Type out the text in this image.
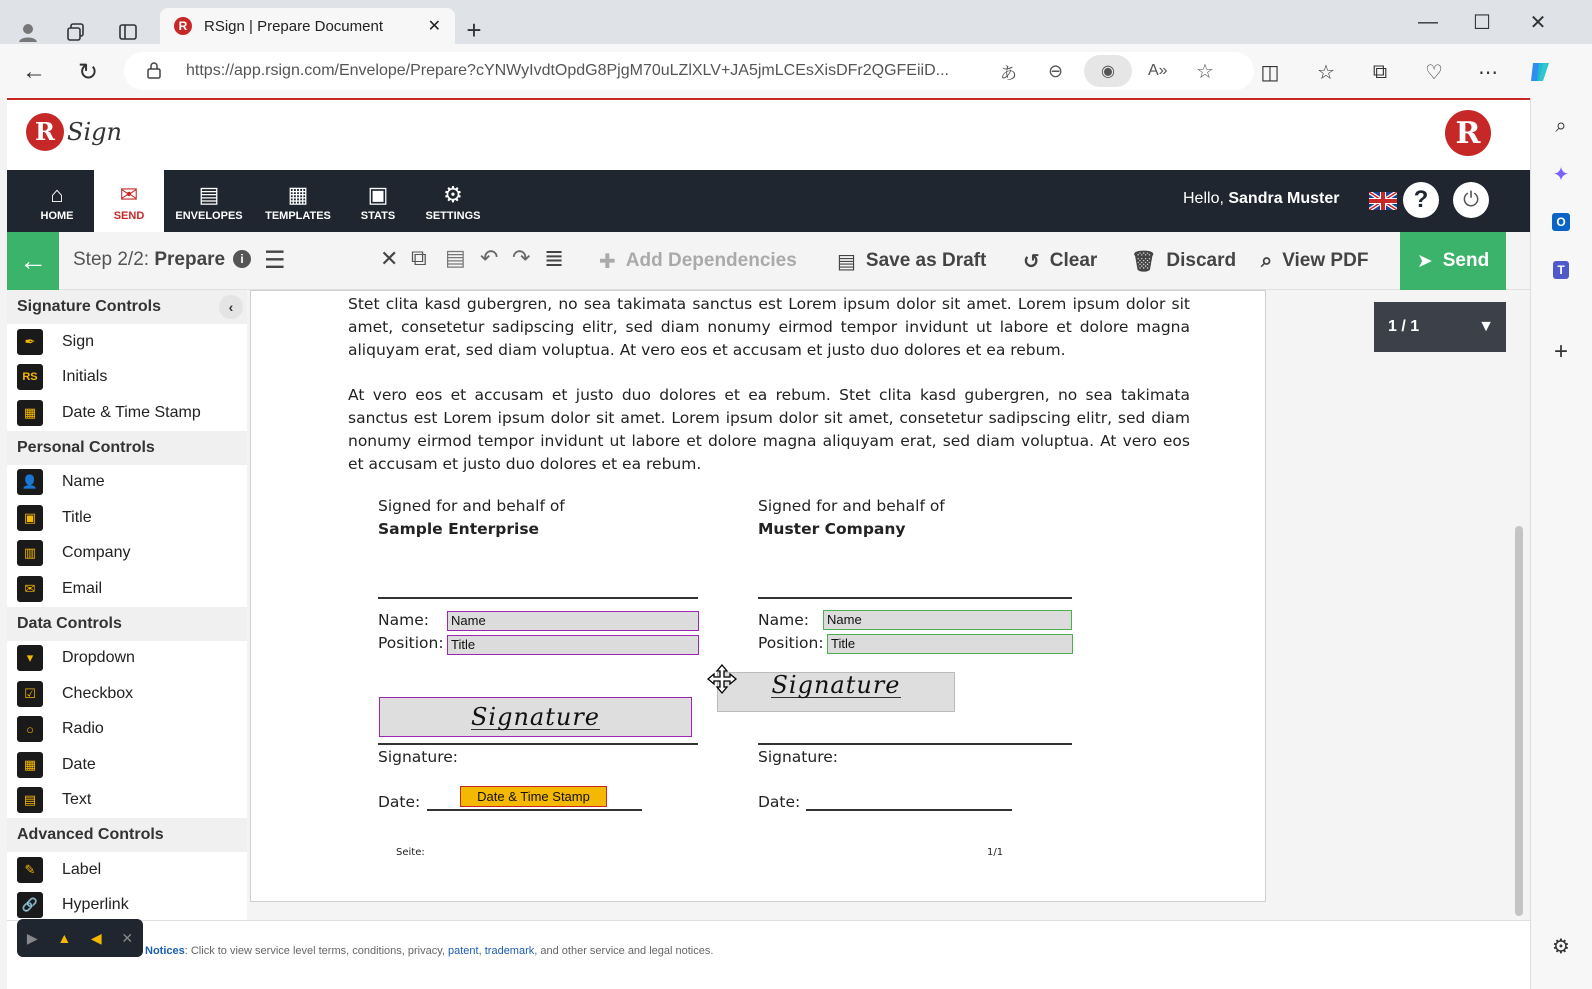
R	RSign | Prepare Document	✕ +	—	☐	✕
←	↻	https://app.rsign.com/Envelope/Prepare?cYNWyIvdtOpdG8PjgM70uLZlXLV+JA5jmLCEsXisDFr2QGFEiiD...	あ ⊖	◉	A» ☆	◫	☆	⧉	♡	⋯
⌕
✦
O
T
+
⚙
R Sign	R
⌂
HOME
✉
SEND
▤
ENVELOPES
▦
TEMPLATES
▣
STATS
⚙
SETTINGS
Hello, Sandra Muster	?	⏻
← Step 2/2: Prepare	i ☰	✕ ⧉ ▤ ↶ ↷ ≣ ✚ Add Dependencies ▤ Save as Draft ↺ Clear 🗑 Discard ⌕ View PDF	➤ Send
Signature Controls	‹
✒	Sign
RS	Initials
▦	Date & Time Stamp
Personal Controls
👤	Name
▣	Title
▥	Company
✉	Email
Data Controls
▾	Dropdown
☑	Checkbox
○	Radio
▦	Date
▤	Text
Advanced Controls
✎	Label
🔗	Hyperlink
Stet clita kasd gubergren, no sea takimata sanctus est Lorem ipsum dolor sit amet. Lorem ipsum dolor sit amet, consetetur sadipscing elitr, sed diam nonumy eirmod tempor invidunt ut labore et dolore magna aliquyam erat, sed diam voluptua. At vero eos et accusam et justo duo dolores et ea rebum.
At vero eos et accusam et justo duo dolores et ea rebum. Stet clita kasd gubergren, no sea takimata sanctus est Lorem ipsum dolor sit amet. Lorem ipsum dolor sit amet, consetetur sadipscing elitr, sed diam nonumy eirmod tempor invidunt ut labore et dolore magna aliquyam erat, sed diam voluptua. At vero eos et accusam et justo duo dolores et ea rebum.
Signed for and behalf of
Sample Enterprise
Name:	Name
Position: Title
Signature
Signature:
Date:	Date & Time Stamp
Signed for and behalf of
Muster Company
Name:	Name
Position: Title
Signature
Signature:
Date:
Seite:	1/1
1 / 1	▼
Notices: Click to view service level terms, conditions, privacy, patent, trademark, and other service and legal notices.
▶ ▲ ◀ ✕
